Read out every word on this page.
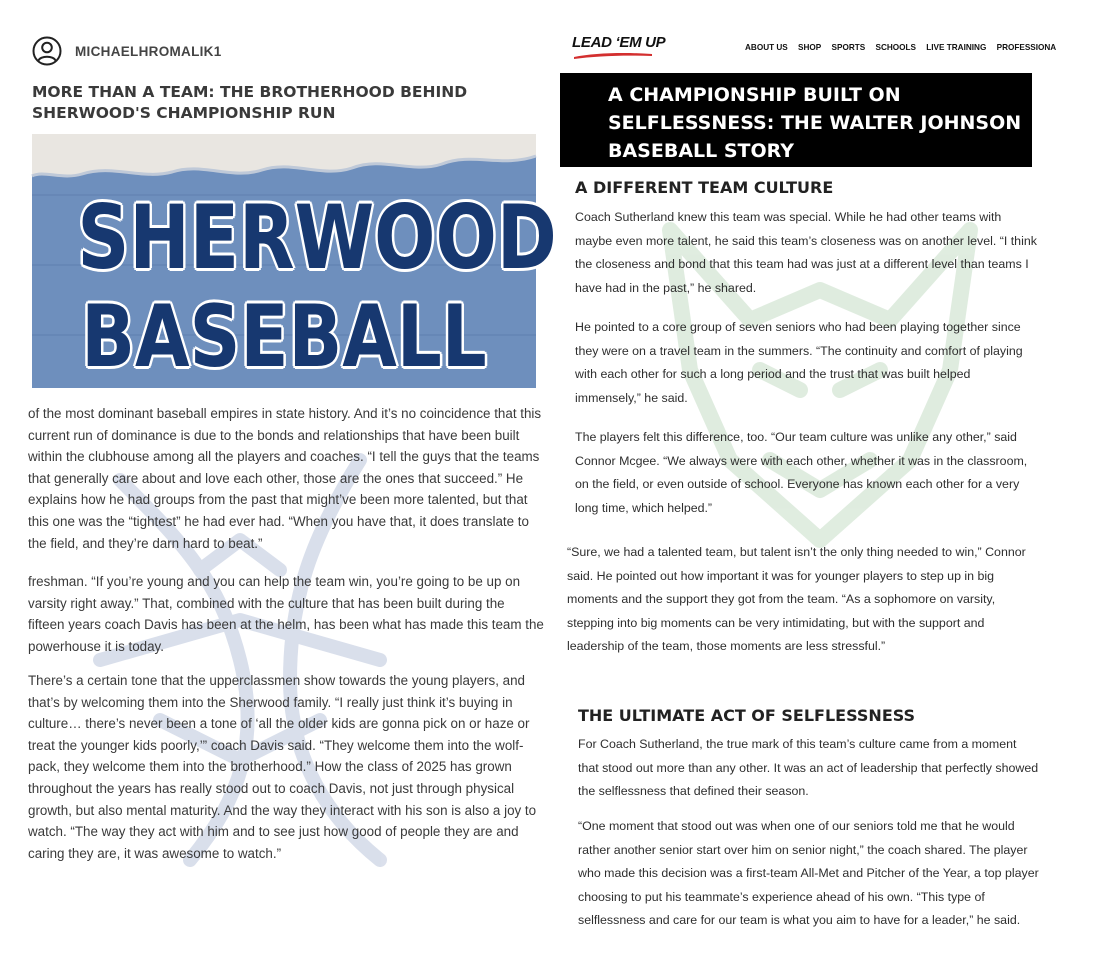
MICHAELHROMALIK1
MORE THAN A TEAM: THE BROTHERHOOD BEHIND SHERWOOD'S CHAMPIONSHIP RUN
SHERWOOD
BASEBALL

of the most dominant baseball empires in state history. And it’s no coincidence that this current run of dominance is due to the bonds and relationships that have been built within the clubhouse among all the players and coaches. “I tell the guys that the teams that generally care about and love each other, those are the ones that succeed.” He explains how he had groups from the past that might’ve been more talented, but that this one was the “tightest” he had ever had. “When you have that, it does translate to the field, and they’re darn hard to beat.”

freshman. “If you’re young and you can help the team win, you’re going to be up on varsity right away.” That, combined with the culture that has been built during the fifteen years coach Davis has been at the helm, has been what has made this team the powerhouse it is today.

There’s a certain tone that the upperclassmen show towards the young players, and that’s by welcoming them into the Sherwood family. “I really just think it’s buying in culture… there’s never been a tone of ‘all the older kids are gonna pick on or haze or treat the younger kids poorly,’” coach Davis said. “They welcome them into the wolf-pack, they welcome them into the brotherhood.” How the class of 2025 has grown throughout the years has really stood out to coach Davis, not just through physical growth, but also mental maturity. And the way they interact with his son is also a joy to watch. “The way they act with him and to see just how good of people they are and caring they are, it was awesome to watch.”

LEAD ‘EM UP	ABOUT US SHOP SPORTS SCHOOLS LIVE TRAINING PROFESSIONA
A CHAMPIONSHIP BUILT ON SELFLESSNESS: THE WALTER JOHNSON BASEBALL STORY
A DIFFERENT TEAM CULTURE

Coach Sutherland knew this team was special. While he had other teams with maybe even more talent, he said this team’s closeness was on another level. “I think the closeness and bond that this team had was just at a different level than teams I have had in the past,” he shared.

He pointed to a core group of seven seniors who had been playing together since they were on a travel team in the summers. “The continuity and comfort of playing with each other for such a long period and the trust that was built helped immensely,” he said.

The players felt this difference, too. “Our team culture was unlike any other,” said Connor Mcgee. “We always were with each other, whether it was in the classroom, on the field, or even outside of school. Everyone has known each other for a very long time, which helped.”

“Sure, we had a talented team, but talent isn’t the only thing needed to win,” Connor said. He pointed out how important it was for younger players to step up in big moments and the support they got from the team. “As a sophomore on varsity, stepping into big moments can be very intimidating, but with the support and leadership of the team, those moments are less stressful.”

THE ULTIMATE ACT OF SELFLESSNESS

For Coach Sutherland, the true mark of this team’s culture came from a moment that stood out more than any other. It was an act of leadership that perfectly showed the selflessness that defined their season.

“One moment that stood out was when one of our seniors told me that he would rather another senior start over him on senior night,” the coach shared. The player who made this decision was a first-team All-Met and Pitcher of the Year, a top player choosing to put his teammate’s experience ahead of his own. “This type of selflessness and care for our team is what you aim to have for a leader,” he said.
